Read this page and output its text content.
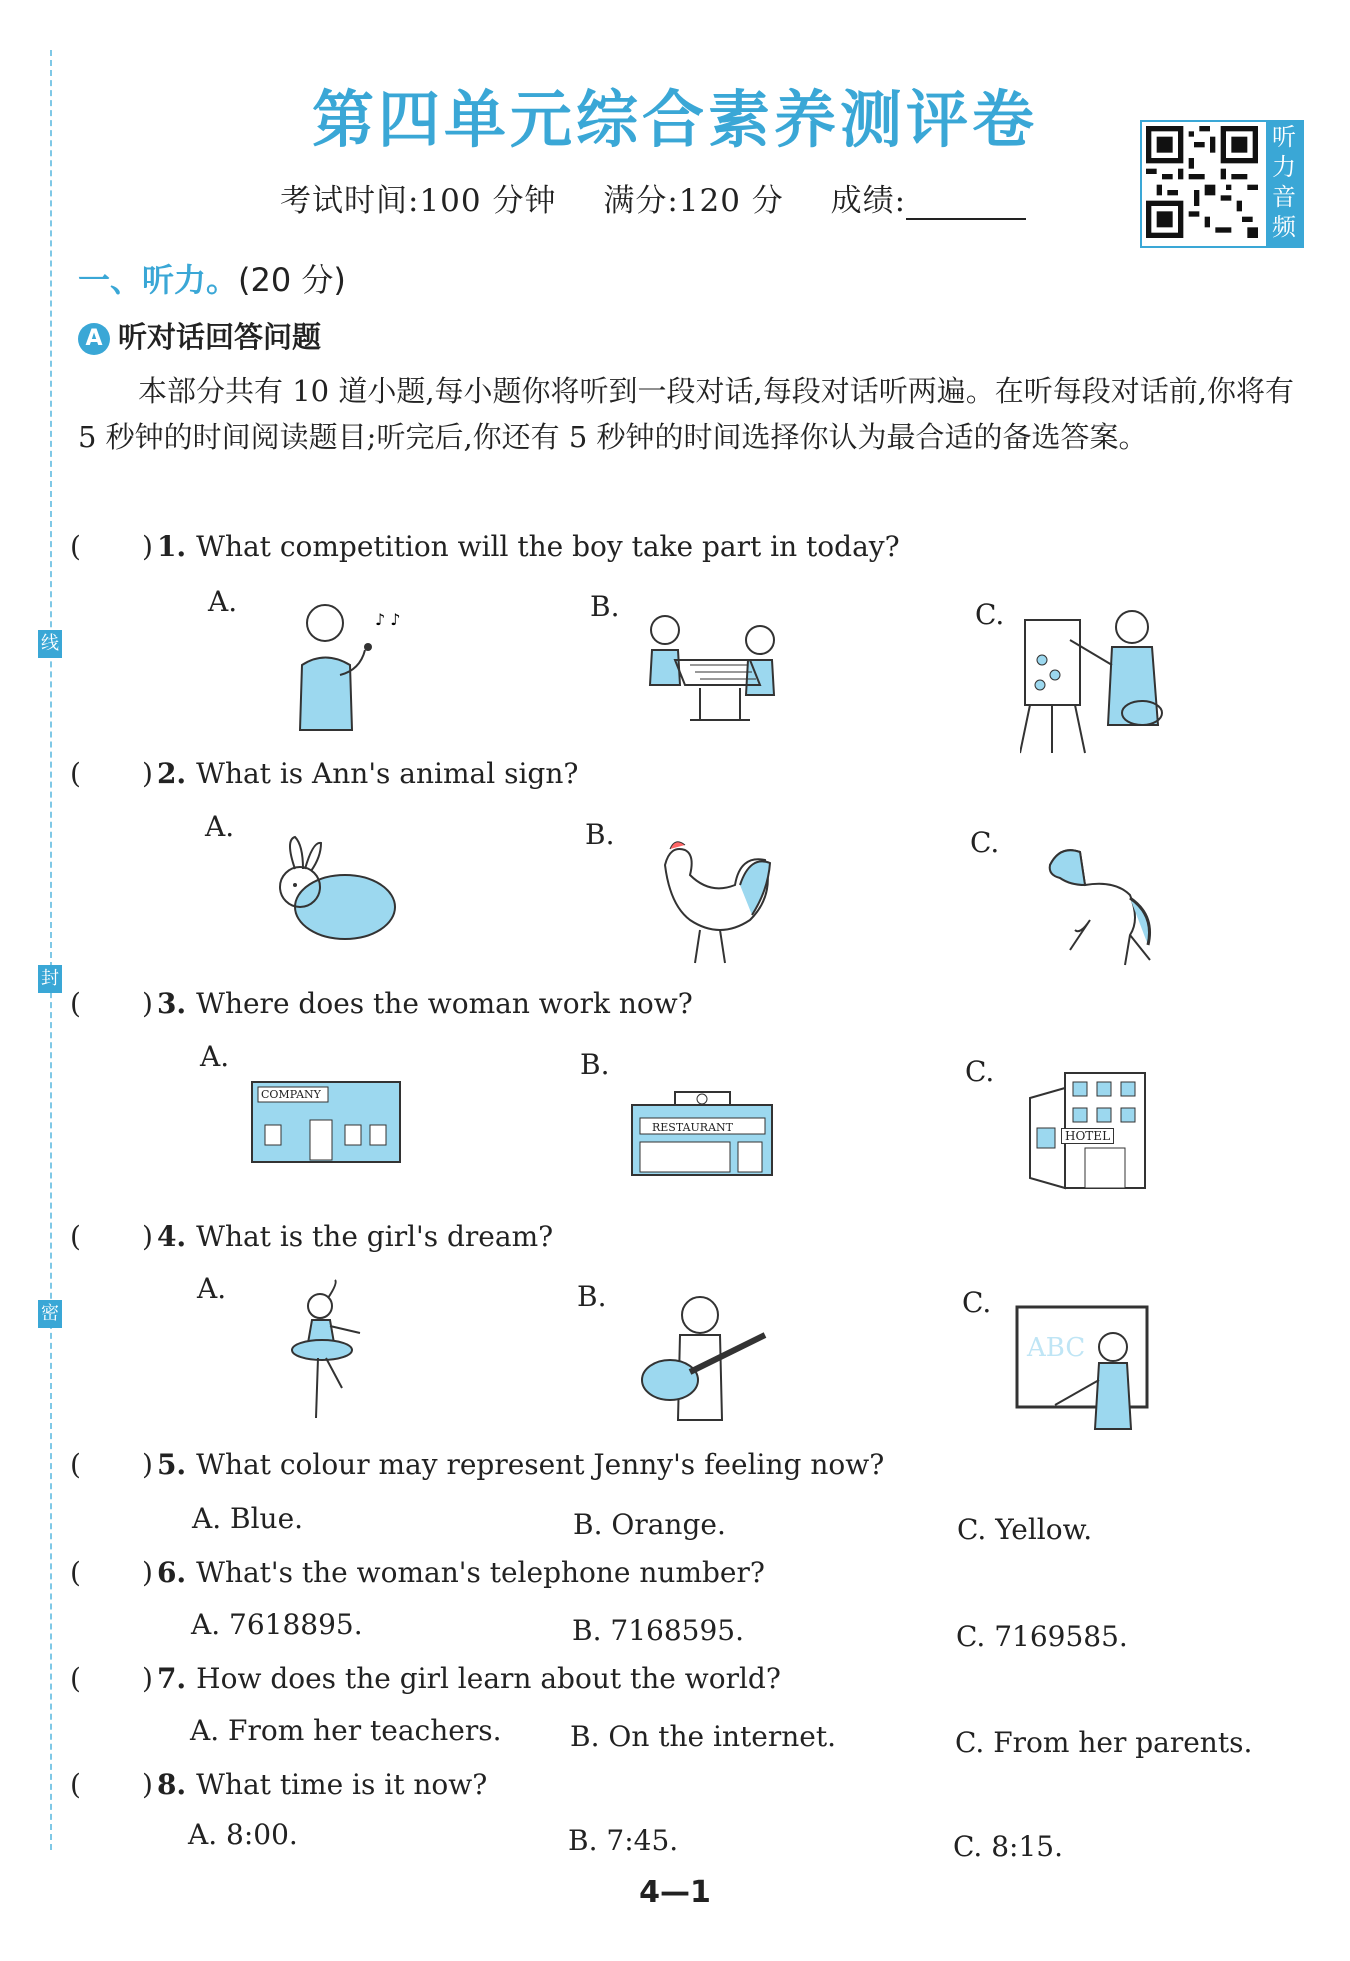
线
封
密
第四单元综合素养测评卷
考试时间:100 分钟 满分:120 分 成绩:
听力音频
一、听力。(20 分)
A 听对话回答问题
本部分共有 10 道小题,每小题你将听到一段对话,每段对话听两遍。在听每段对话前,你将有 5 秒钟的时间阅读题目;听完后,你还有 5 秒钟的时间选择你认为最合适的备选答案。
( ) 1. What competition will the boy take part in today?
A.	B.	C.
♪ ♪
( ) 2. What is Ann's animal sign?
A.	B.	C.
( ) 3. Where does the woman work now?
A.	B.	C.
COMPANY
RESTAURANT
HOTEL
( ) 4. What is the girl's dream?
A.	B.	C.
ABC
( ) 5. What colour may represent Jenny's feeling now?
A. Blue.	B. Orange.	C. Yellow.
( ) 6. What's the woman's telephone number?
A. 7618895.	B. 7168595.	C. 7169585.
( ) 7. How does the girl learn about the world?
A. From her teachers. B. On the internet.	C. From her parents.
( ) 8. What time is it now?
A. 8:00.	B. 7:45.	C. 8:15.
4—1
